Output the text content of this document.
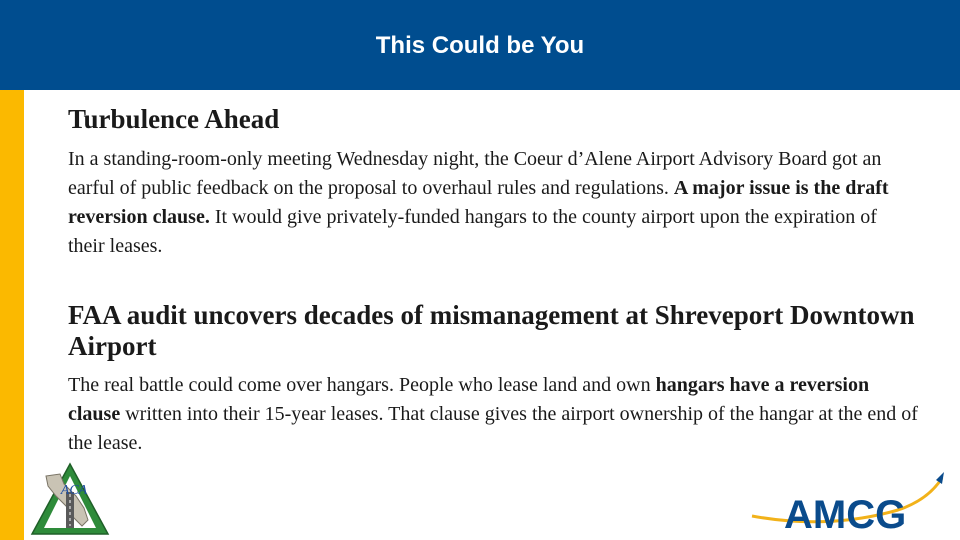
This Could be You
Turbulence Ahead

In a standing-room-only meeting Wednesday night, the Coeur d’Alene Airport Advisory Board got an earful of public feedback on the proposal to overhaul rules and regulations. A major issue is the draft reversion clause. It would give privately-funded hangars to the county airport upon the expiration of their leases.

FAA audit uncovers decades of mismanagement at Shreveport Downtown Airport

The real battle could come over hangars. People who lease land and own hangars have a reversion clause written into their 15-year leases. That clause gives the airport ownership of the hangar at the end of the lease.

ACA
AMCG
